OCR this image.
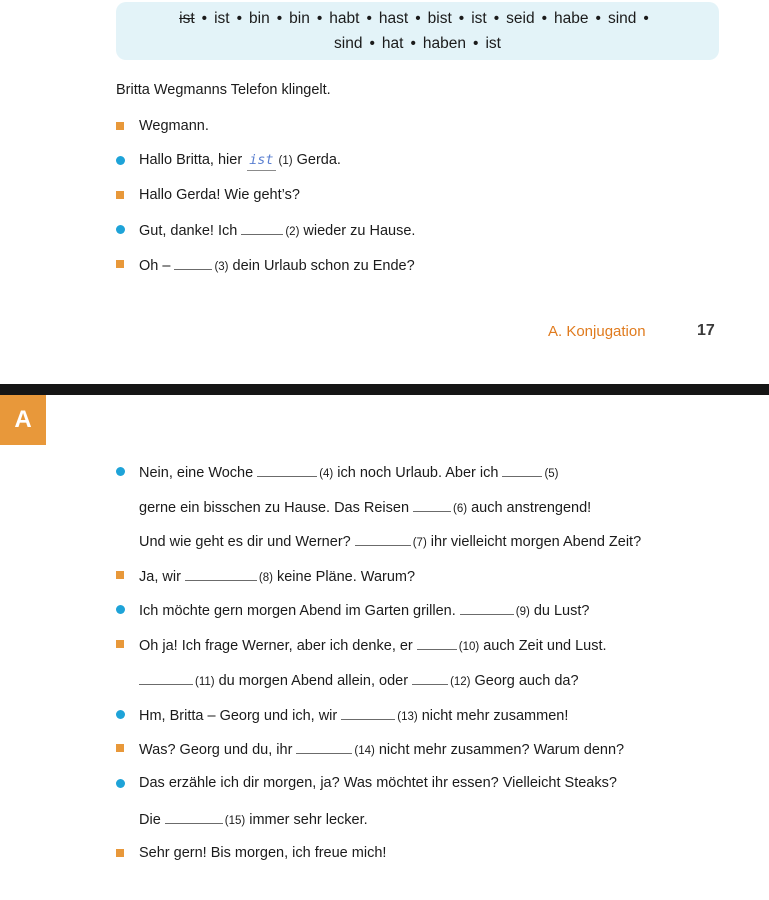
ist • ist • bin • bin • habt • hast • bist • ist • seid • habe • sind •
sind • hat • haben • ist
Britta Wegmanns Telefon klingelt.
Wegmann.
Hallo Britta, hier ist (1) Gerda.
Hallo Gerda! Wie geht’s?
Gut, danke! Ich	(2) wieder zu Hause.
Oh –	(3) dein Urlaub schon zu Ende?
A. Konjugation	17
A
Nein, eine Woche	(4) ich noch Urlaub. Aber ich	(5)
gerne ein bisschen zu Hause. Das Reisen	(6) auch anstrengend!
Und wie geht es dir und Werner?	(7) ihr vielleicht morgen Abend Zeit?
Ja, wir	(8) keine Pläne. Warum?
Ich möchte gern morgen Abend im Garten grillen.	(9) du Lust?
Oh ja! Ich frage Werner, aber ich denke, er	(10) auch Zeit und Lust.
(11) du morgen Abend allein, oder	(12) Georg auch da?
Hm, Britta – Georg und ich, wir	(13) nicht mehr zusammen!
Was? Georg und du, ihr	(14) nicht mehr zusammen? Warum denn?
Das erzähle ich dir morgen, ja? Was möchtet ihr essen? Vielleicht Steaks?
Die	(15) immer sehr lecker.
Sehr gern! Bis morgen, ich freue mich!
